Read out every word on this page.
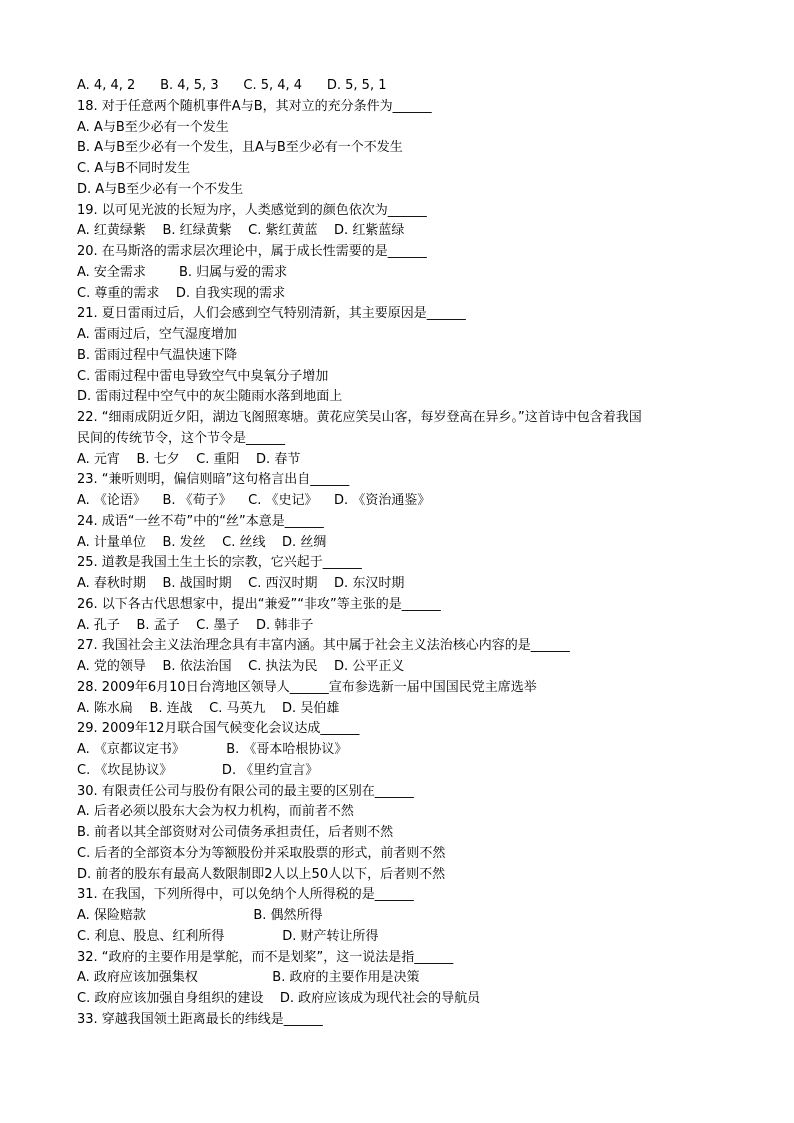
A. 4, 4, 2      B. 4, 5, 3      C. 5, 4, 4      D. 5, 5, 1
18. 对于任意两个随机事件A与B，其对立的充分条件为______
A. A与B至少必有一个发生
B. A与B至少必有一个发生，且A与B至少必有一个不发生
C. A与B不同时发生
D. A与B至少必有一个不发生
19. 以可见光波的长短为序，人类感觉到的颜色依次为______
A. 红黄绿紫    B. 红绿黄紫    C. 紫红黄蓝    D. 红紫蓝绿
20. 在马斯洛的需求层次理论中，属于成长性需要的是______
A. 安全需求        B. 归属与爱的需求
C. 尊重的需求    D. 自我实现的需求
21. 夏日雷雨过后，人们会感到空气特别清新，其主要原因是______
A. 雷雨过后，空气湿度增加
B. 雷雨过程中气温快速下降
C. 雷雨过程中雷电导致空气中臭氧分子增加
D. 雷雨过程中空气中的灰尘随雨水落到地面上
22. “细雨成阴近夕阳，湖边飞阁照寒塘。黄花应笑吴山客，每岁登高在异乡。”这首诗中包含着我国
民间的传统节令，这个节令是______
A. 元宵    B. 七夕    C. 重阳    D. 春节
23. “兼听则明，偏信则暗”这句格言出自______
A. 《论语》    B. 《荀子》    C. 《史记》    D. 《资治通鉴》
24. 成语“一丝不苟”中的“丝”本意是______
A. 计量单位    B. 发丝    C. 丝线    D. 丝绸
25. 道教是我国土生土长的宗教，它兴起于______
A. 春秋时期    B. 战国时期    C. 西汉时期    D. 东汉时期
26. 以下各古代思想家中，提出“兼爱”“非攻”等主张的是______
A. 孔子    B. 孟子    C. 墨子    D. 韩非子
27. 我国社会主义法治理念具有丰富内涵。其中属于社会主义法治核心内容的是______
A. 党的领导    B. 依法治国    C. 执法为民    D. 公平正义
28. 2009年6月10日台湾地区领导人______宣布参选新一届中国国民党主席选举
A. 陈水扁    B. 连战    C. 马英九    D. 吴伯雄
29. 2009年12月联合国气候变化会议达成______
A. 《京都议定书》          B. 《哥本哈根协议》
C. 《坎昆协议》            D. 《里约宣言》
30. 有限责任公司与股份有限公司的最主要的区别在______
A. 后者必须以股东大会为权力机构，而前者不然
B. 前者以其全部资财对公司债务承担责任，后者则不然
C. 后者的全部资本分为等额股份并采取股票的形式，前者则不然
D. 前者的股东有最高人数限制即2人以上50人以下，后者则不然
31. 在我国，下列所得中，可以免纳个人所得税的是______
A. 保险赔款                          B. 偶然所得
C. 利息、股息、红利所得              D. 财产转让所得
32. “政府的主要作用是掌舵，而不是划桨”，这一说法是指______
A. 政府应该加强集权                  B. 政府的主要作用是决策
C. 政府应该加强自身组织的建设    D. 政府应该成为现代社会的导航员
33. 穿越我国领土距离最长的纬线是______
